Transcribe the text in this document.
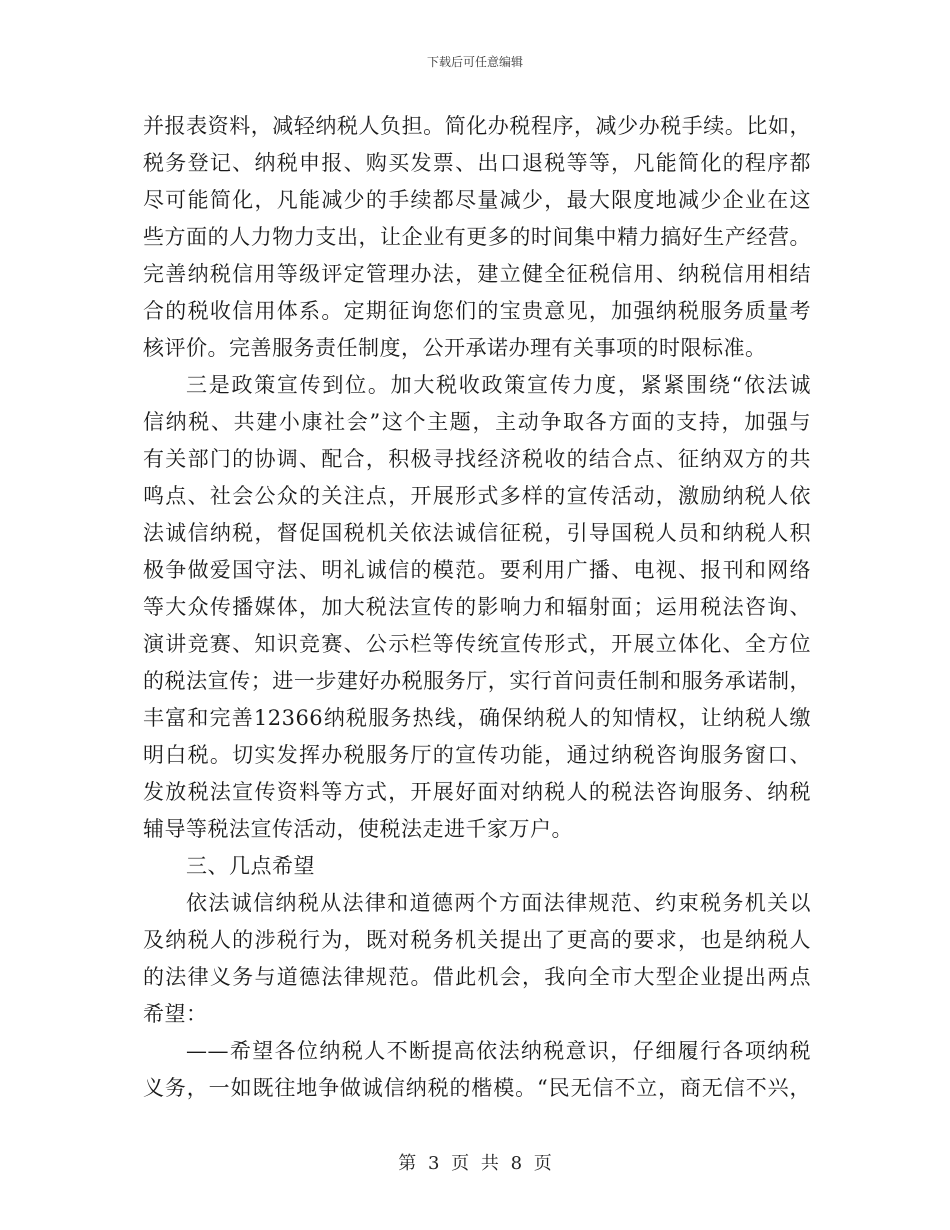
下载后可任意编辑
并报表资料，减轻纳税人负担。简化办税程序，减少办税手续。比如，
税务登记、纳税申报、购买发票、出口退税等等，凡能简化的程序都
尽可能简化，凡能减少的手续都尽量减少，最大限度地减少企业在这
些方面的人力物力支出，让企业有更多的时间集中精力搞好生产经营。
完善纳税信用等级评定管理办法，建立健全征税信用、纳税信用相结
合的税收信用体系。定期征询您们的宝贵意见，加强纳税服务质量考
核评价。完善服务责任制度，公开承诺办理有关事项的时限标准。
三是政策宣传到位。加大税收政策宣传力度，紧紧围绕“依法诚
信纳税、共建小康社会”这个主题，主动争取各方面的支持，加强与
有关部门的协调、配合，积极寻找经济税收的结合点、征纳双方的共
鸣点、社会公众的关注点，开展形式多样的宣传活动，激励纳税人依
法诚信纳税，督促国税机关依法诚信征税，引导国税人员和纳税人积
极争做爱国守法、明礼诚信的模范。要利用广播、电视、报刊和网络
等大众传播媒体，加大税法宣传的影响力和辐射面；运用税法咨询、
演讲竞赛、知识竞赛、公示栏等传统宣传形式，开展立体化、全方位
的税法宣传；进一步建好办税服务厅，实行首问责任制和服务承诺制，
丰富和完善12366纳税服务热线，确保纳税人的知情权，让纳税人缴
明白税。切实发挥办税服务厅的宣传功能，通过纳税咨询服务窗口、
发放税法宣传资料等方式，开展好面对纳税人的税法咨询服务、纳税
辅导等税法宣传活动，使税法走进千家万户。
三、几点希望
依法诚信纳税从法律和道德两个方面法律规范、约束税务机关以
及纳税人的涉税行为，既对税务机关提出了更高的要求，也是纳税人
的法律义务与道德法律规范。借此机会，我向全市大型企业提出两点
希望：
——希望各位纳税人不断提高依法纳税意识，仔细履行各项纳税
义务，一如既往地争做诚信纳税的楷模。“民无信不立，商无信不兴，
第 3 页 共 8 页
